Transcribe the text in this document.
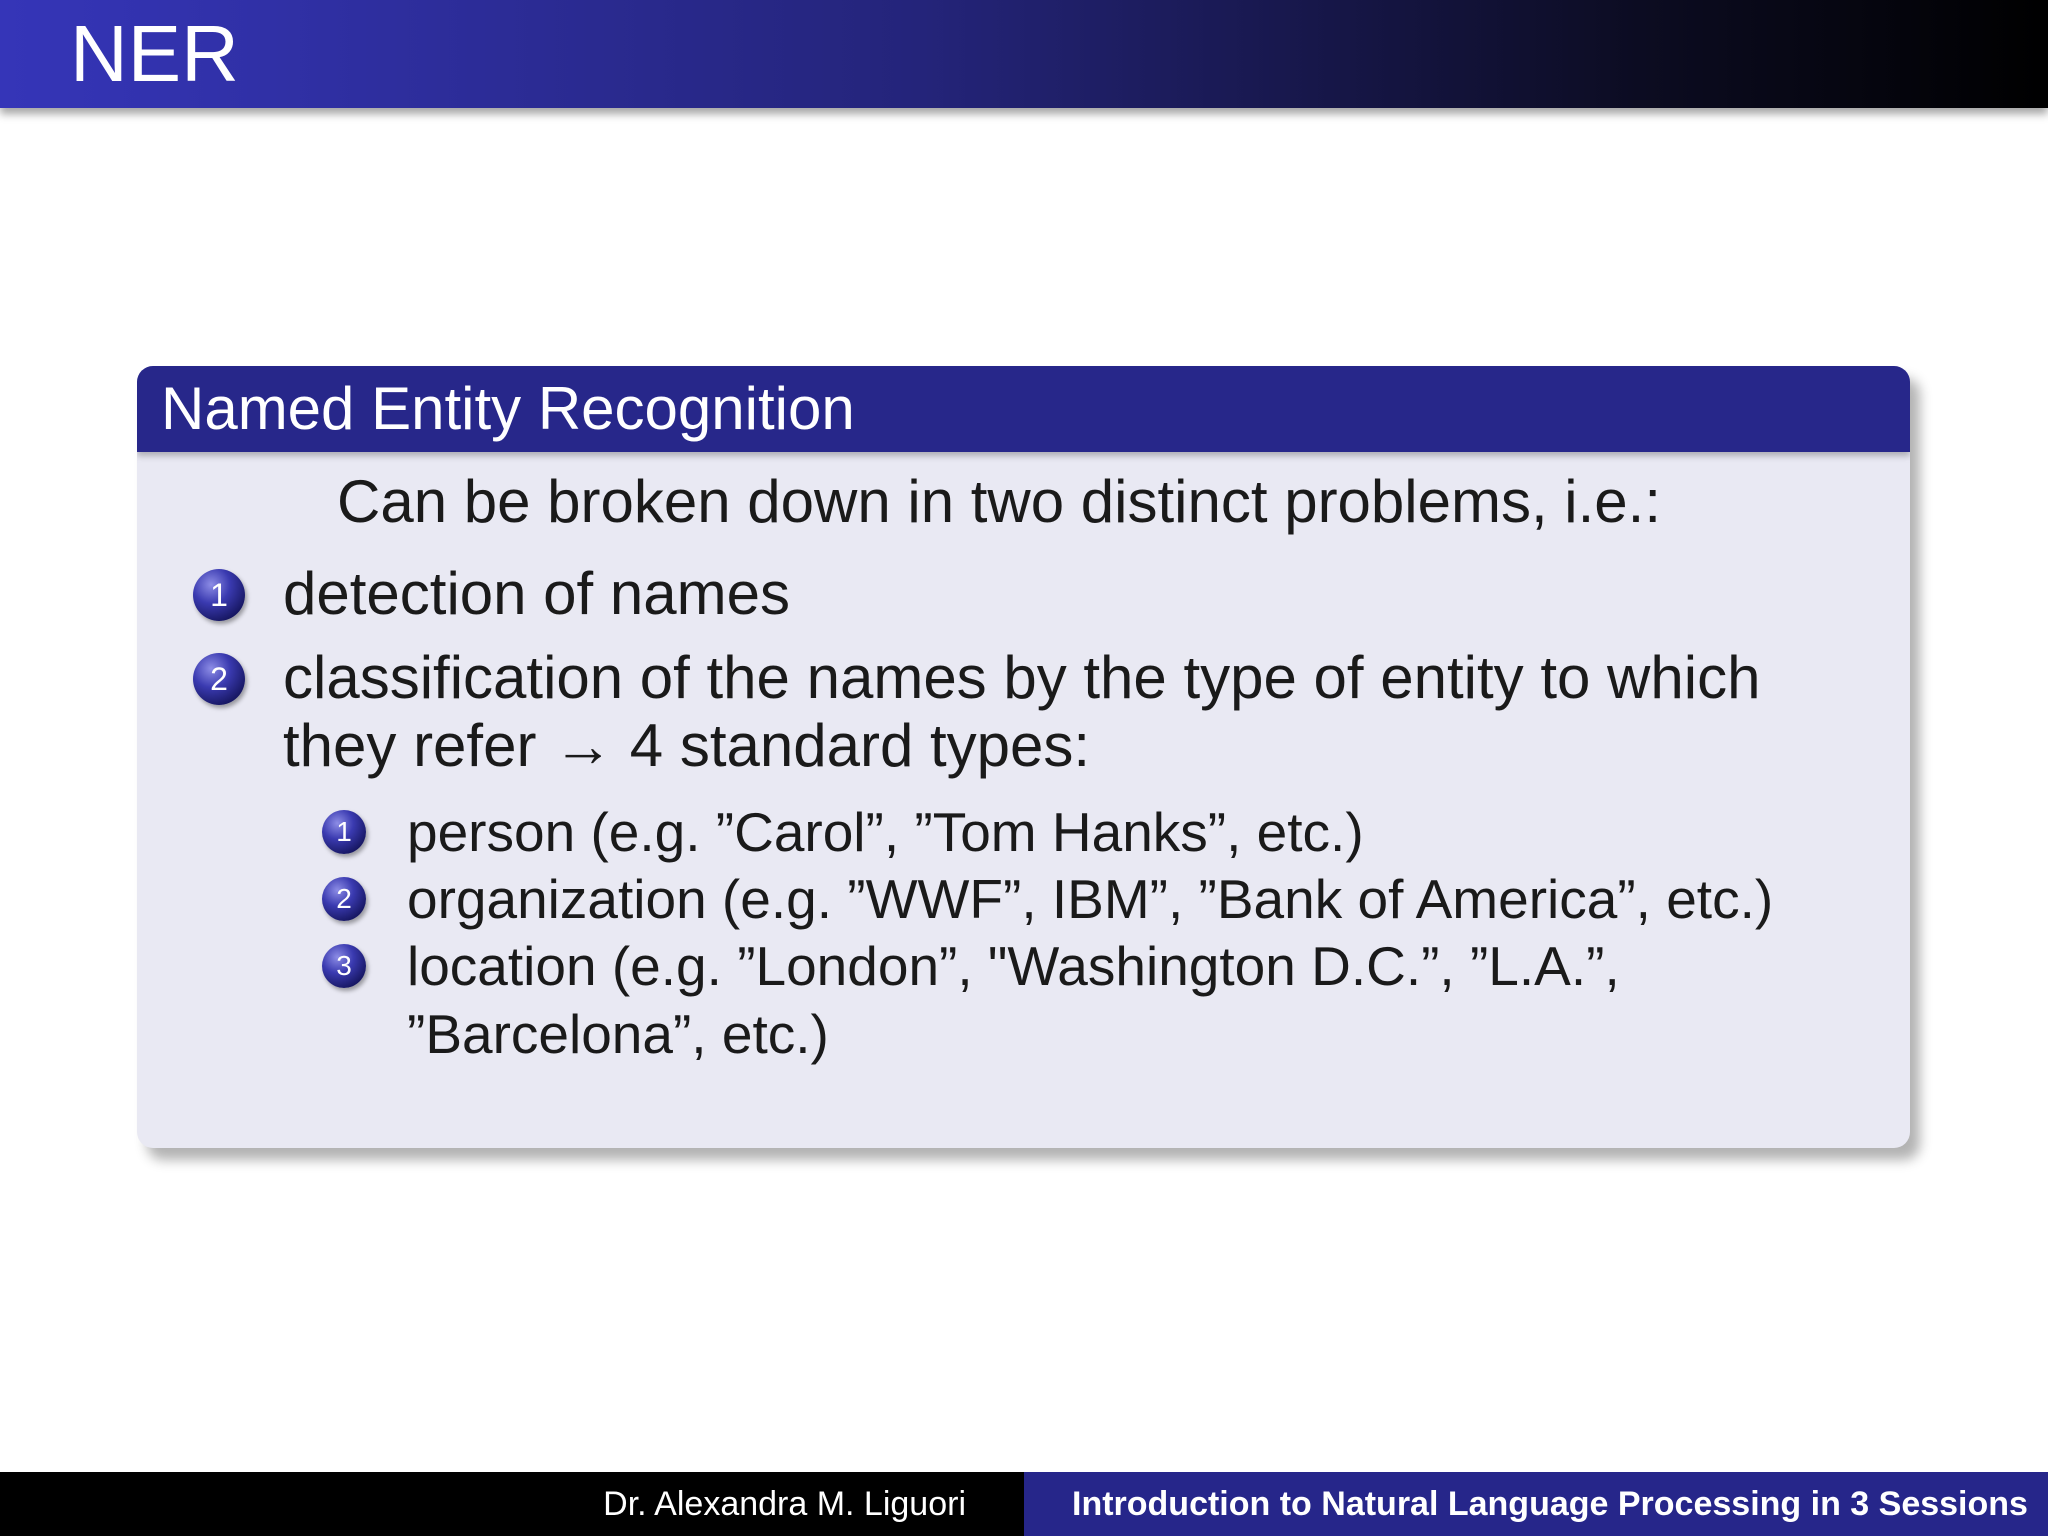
NER
Named Entity Recognition
Can be broken down in two distinct problems, i.e.:
1 detection of names
2 classification of the names by the type of entity to which
they refer → 4 standard types:
1 person (e.g. ”Carol”, ”Tom Hanks”, etc.)
2 organization (e.g. ”WWF”, IBM”, ”Bank of America”, etc.)
3 location (e.g. ”London”, "Washington D.C.”, ”L.A.”,
”Barcelona”, etc.)
Dr. Alexandra M. Liguori	Introduction to Natural Language Processing in 3 Sessions
